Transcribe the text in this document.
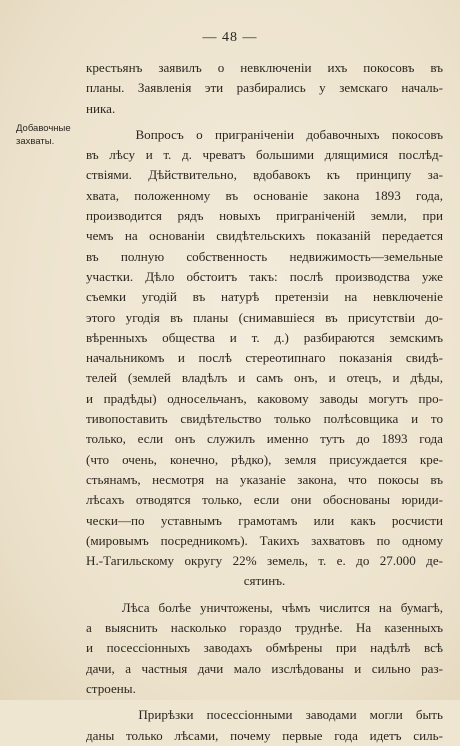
— 48 —
Добавочные захваты.
крестьянъ заявилъ о невключенiи ихъ покосовъ въ
планы. Заявленiя эти разбирались у земскаго началь-
ника.
Вопросъ о пригранiченiи добавочныхъ покосовъ
въ лѣсу и т. д. чреватъ большими длящимися послѣд-
ствiями. Дѣйствительно, вдобавокъ къ принципу за-
хвата, положенному въ основанiе закона 1893 года,
производится рядъ новыхъ пригранiченiй земли, при
чемъ на основанiи свидѣтельскихъ показанiй передается
въ полную собственность недвижимость—земельные
участки. Дѣло обстоитъ такъ: послѣ производства уже
съемки угодiй въ натурѣ претензiи на невключенiе
этого угодiя въ планы (снимавшiеся въ присутствiи до-
вѣренныхъ общества и т. д.) разбираются земскимъ
начальникомъ и послѣ стереотипнаго показанiя свидѣ-
телей (землей владѣлъ и самъ онъ, и отецъ, и дѣды,
и прадѣды) односельчанъ, каковому заводы могутъ про-
тивопоставить свидѣтельство только полѣсовщика и то
только, если онъ служилъ именно тутъ до 1893 года
(что очень, конечно, рѣдко), земля присуждается кре-
стьянамъ, несмотря на указанiе закона, что покосы въ
лѣсахъ отводятся только, если они обоснованы юриди-
чески—по уставнымъ грамотамъ или какъ росчисти
(мировымъ посредникомъ). Такихъ захватовъ по одному
Н.-Тагильскому округу 22% земель, т. е. до 27.000 де-
сятинъ.
Лѣса болѣе уничтожены, чѣмъ числится на бумагѣ,
а выяснить насколько гораздо труднѣе. На казенныхъ
и посессiонныхъ заводахъ обмѣрены при надѣлѣ всѣ
дачи, а частныя дачи мало изслѣдованы и сильно раз-
строены.
Прирѣзки посессiонными заводами могли быть
даны только лѣсами, почему первые года идетъ силь-
